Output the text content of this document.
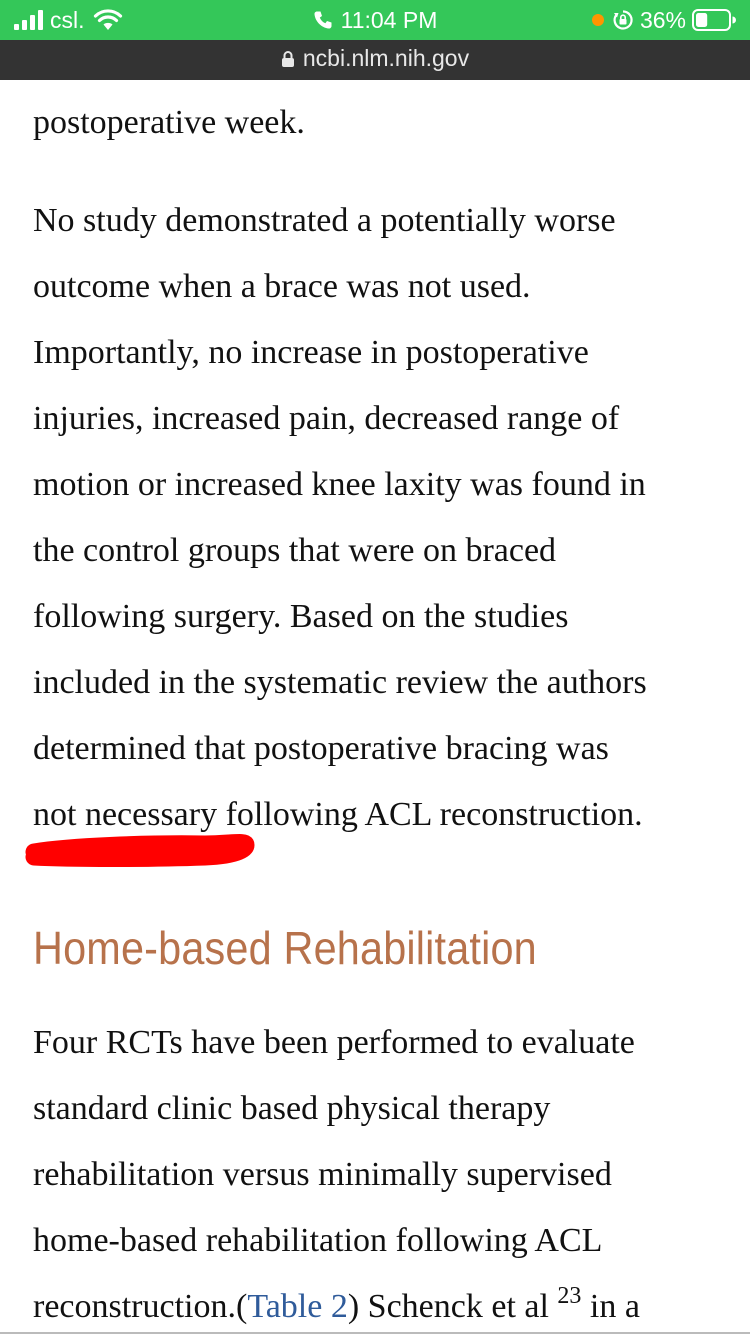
csl.	11:04 PM	36%
ncbi.nlm.nih.gov

postoperative week.

No study demonstrated a potentially worse
outcome when a brace was not used.
Importantly, no increase in postoperative
injuries, increased pain, decreased range of
motion or increased knee laxity was found in
the control groups that were on braced
following surgery. Based on the studies
included in the systematic review the authors
determined that postoperative bracing was
not necessary following ACL reconstruction.

Home-based Rehabilitation

Four RCTs have been performed to evaluate
standard clinic based physical therapy
rehabilitation versus minimally supervised
home-based rehabilitation following ACL
reconstruction.(Table 2) Schenck et al $^{23}$ in a
